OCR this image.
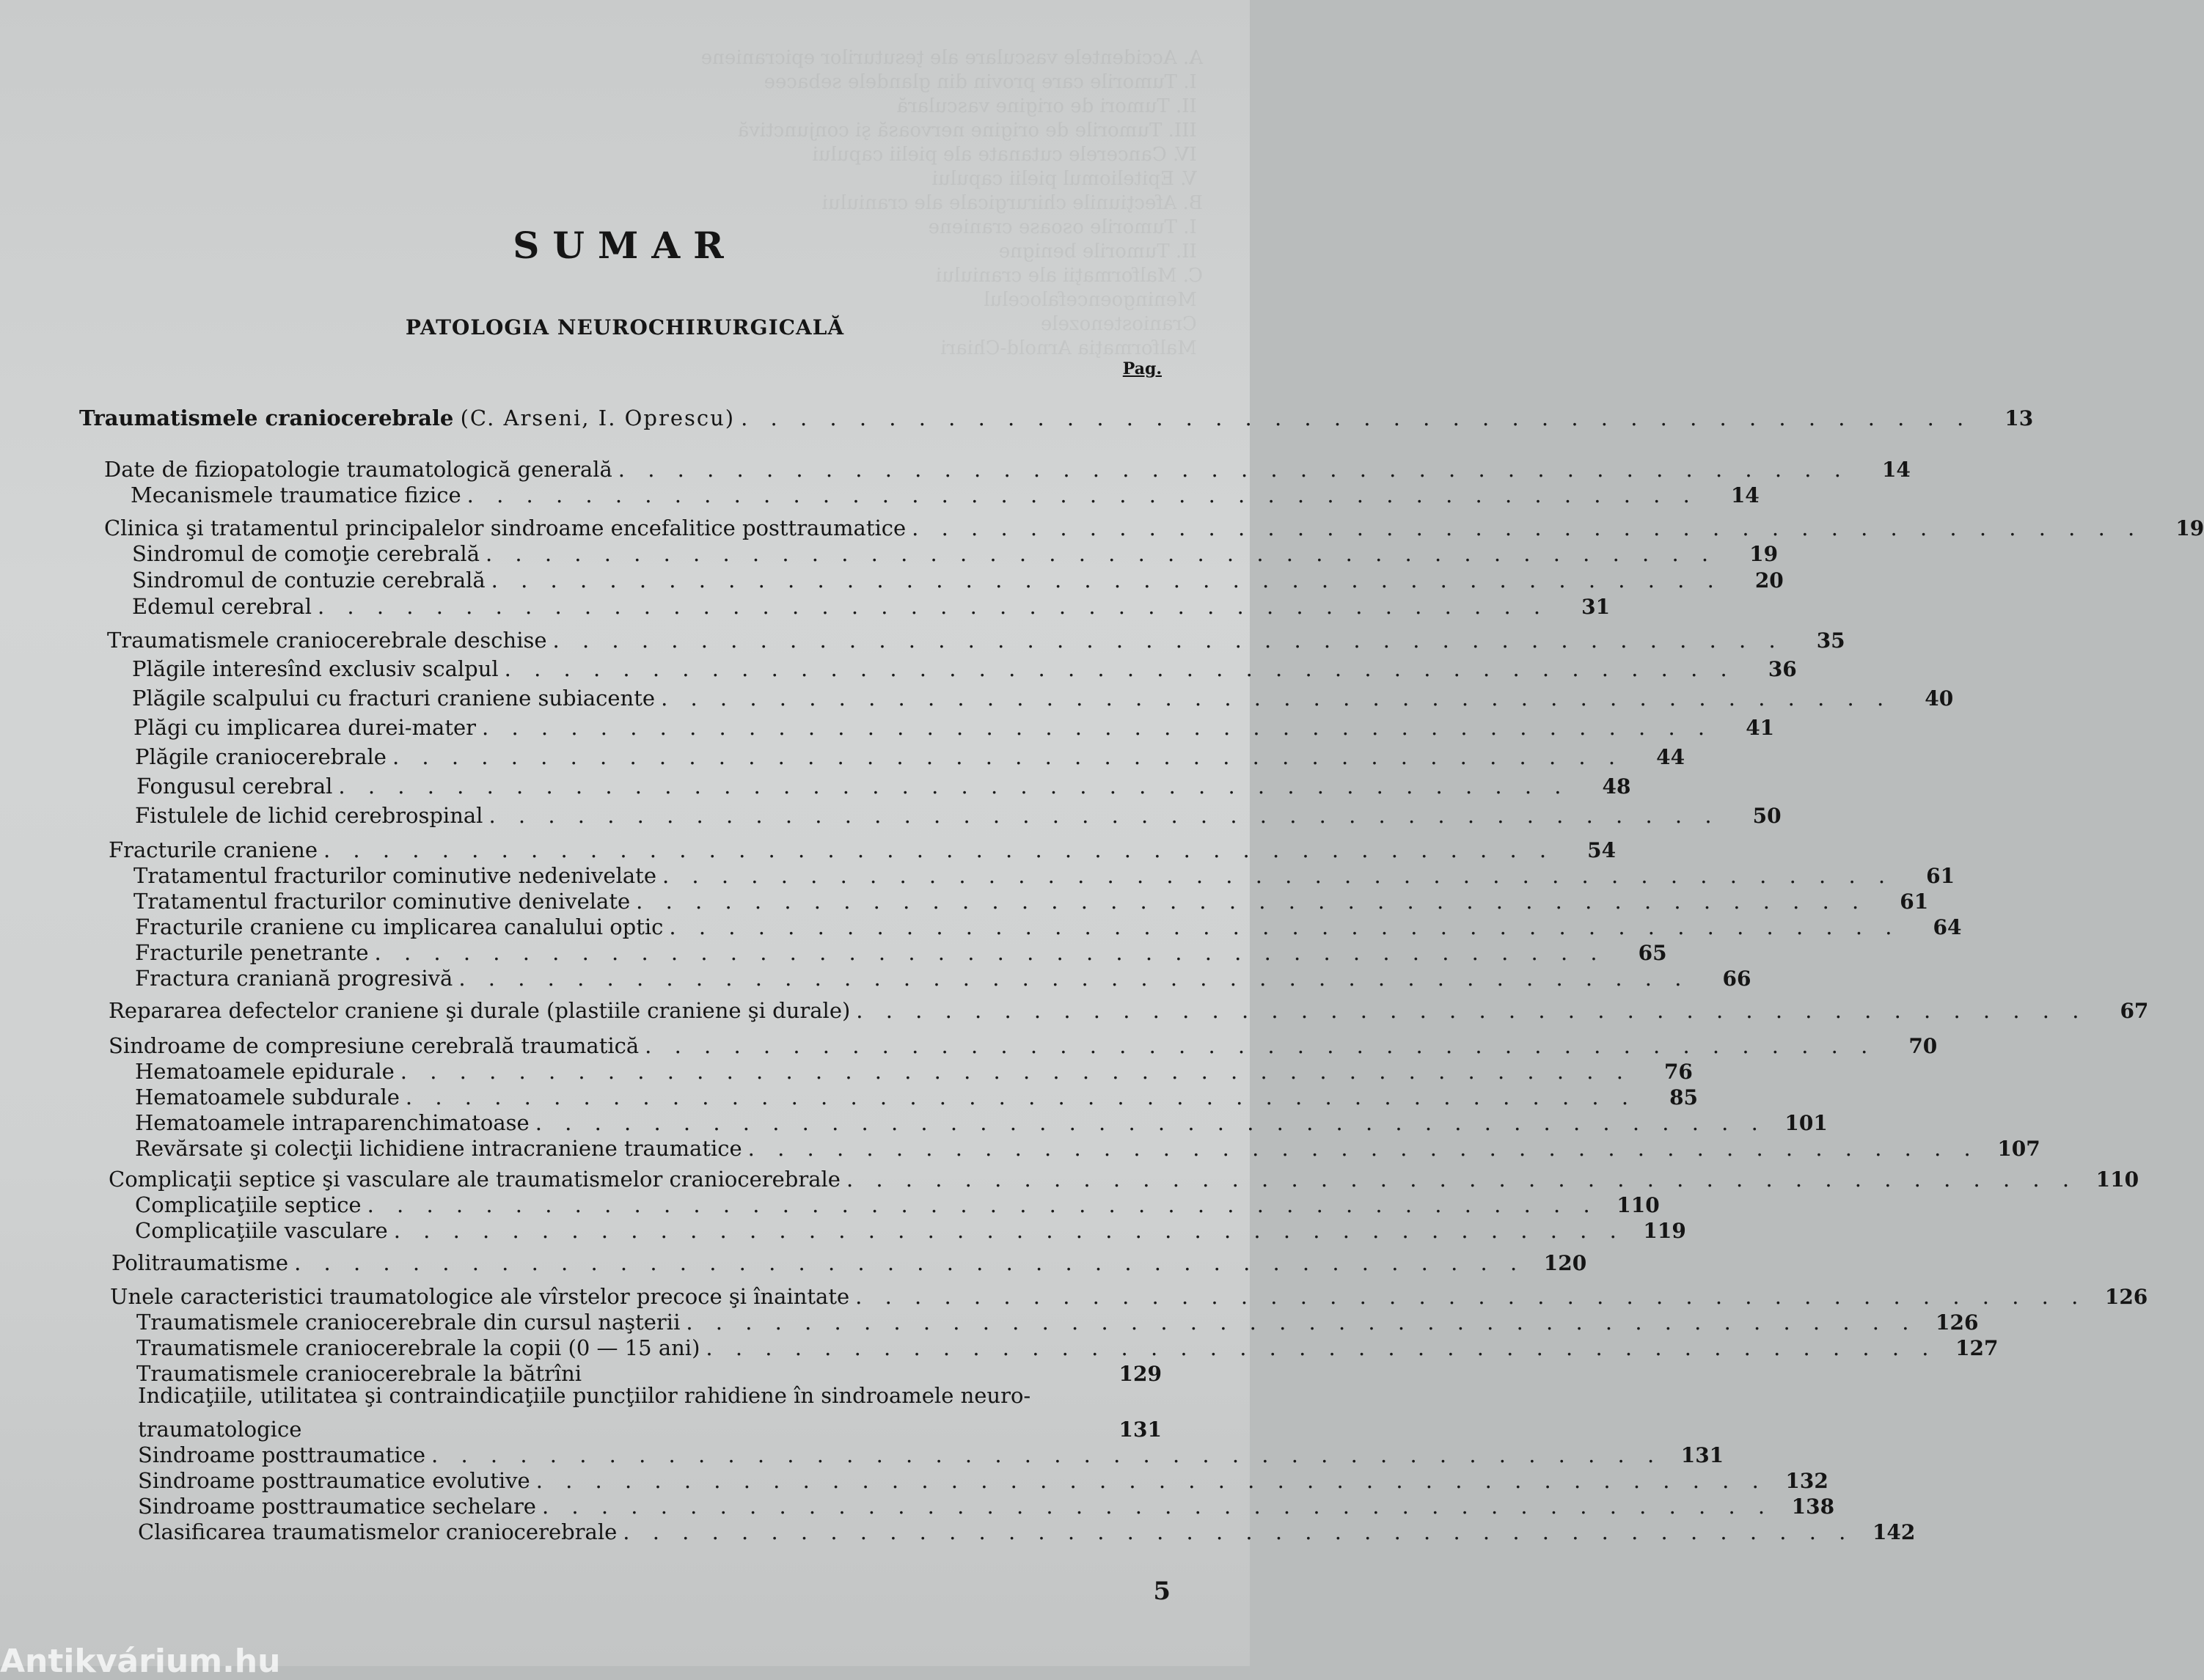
A. Accidentele vasculare ale ţesuturilor epicraniene
I. Tumorile care provin din glandele sebacee
II. Tumori de origine vasculară
III. Tumorile de origine nervoasă şi conjunctivă
IV. Cancerele cutanate ale pielii capului
V. Epiteliomul pielii capului
B. Afecţiunile chirurgicale ale craniului
I. Tumorile osoase craniene
II. Tumorile benigne
C. Malformaţii ale craniului
Meningoencefalocelul
Craniostenozele
Malformaţia Arnold-Chiari

SUMAR
PATOLOGIA NEUROCHIRURGICALĂ
Pag.
Traumatismele craniocerebrale (C. Arseni, I. Oprescu) . . . . . . . . . . . . . . . . . . . . . . . . . . . . . . . . . . . . . . . . . .	13
Date de fiziopatologie traumatologică generală . . . . . . . . . . . . . . . . . . . . . . . . . . . . . . . . . . . . . . . . . .	14
Mecanismele traumatice fizice . . . . . . . . . . . . . . . . . . . . . . . . . . . . . . . . . . . . . . . . . .	14
Clinica şi tratamentul principalelor sindroame encefalitice posttraumatice . . . . . . . . . . . . . . . . . . . . . . . . . . . . . . . . . . . . . . . . . .	19
Sindromul de comoţie cerebrală . . . . . . . . . . . . . . . . . . . . . . . . . . . . . . . . . . . . . . . . . .	19
Sindromul de contuzie cerebrală . . . . . . . . . . . . . . . . . . . . . . . . . . . . . . . . . . . . . . . . . .	20
Edemul cerebral . . . . . . . . . . . . . . . . . . . . . . . . . . . . . . . . . . . . . . . . . .	31
Traumatismele craniocerebrale deschise . . . . . . . . . . . . . . . . . . . . . . . . . . . . . . . . . . . . . . . . . .	35
Plăgile interesînd exclusiv scalpul . . . . . . . . . . . . . . . . . . . . . . . . . . . . . . . . . . . . . . . . . .	36
Plăgile scalpului cu fracturi craniene subiacente . . . . . . . . . . . . . . . . . . . . . . . . . . . . . . . . . . . . . . . . . .	40
Plăgi cu implicarea durei-mater . . . . . . . . . . . . . . . . . . . . . . . . . . . . . . . . . . . . . . . . . .	41
Plăgile craniocerebrale . . . . . . . . . . . . . . . . . . . . . . . . . . . . . . . . . . . . . . . . . .	44
Fongusul cerebral . . . . . . . . . . . . . . . . . . . . . . . . . . . . . . . . . . . . . . . . . .	48
Fistulele de lichid cerebrospinal . . . . . . . . . . . . . . . . . . . . . . . . . . . . . . . . . . . . . . . . . .	50
Fracturile craniene . . . . . . . . . . . . . . . . . . . . . . . . . . . . . . . . . . . . . . . . . .	54
Tratamentul fracturilor cominutive nedenivelate . . . . . . . . . . . . . . . . . . . . . . . . . . . . . . . . . . . . . . . . . .	61
Tratamentul fracturilor cominutive denivelate . . . . . . . . . . . . . . . . . . . . . . . . . . . . . . . . . . . . . . . . . .	61
Fracturile craniene cu implicarea canalului optic . . . . . . . . . . . . . . . . . . . . . . . . . . . . . . . . . . . . . . . . . .	64
Fracturile penetrante . . . . . . . . . . . . . . . . . . . . . . . . . . . . . . . . . . . . . . . . . .	65
Fractura craniană progresivă . . . . . . . . . . . . . . . . . . . . . . . . . . . . . . . . . . . . . . . . . .	66
Repararea defectelor craniene şi durale (plastiile craniene şi durale) . . . . . . . . . . . . . . . . . . . . . . . . . . . . . . . . . . . . . . . . . .	67
Sindroame de compresiune cerebrală traumatică . . . . . . . . . . . . . . . . . . . . . . . . . . . . . . . . . . . . . . . . . .	70
Hematoamele epidurale . . . . . . . . . . . . . . . . . . . . . . . . . . . . . . . . . . . . . . . . . .	76
Hematoamele subdurale . . . . . . . . . . . . . . . . . . . . . . . . . . . . . . . . . . . . . . . . . .	85
Hematoamele intraparenchimatoase . . . . . . . . . . . . . . . . . . . . . . . . . . . . . . . . . . . . . . . . . . 101
Revărsate şi colecţii lichidiene intracraniene traumatice . . . . . . . . . . . . . . . . . . . . . . . . . . . . . . . . . . . . . . . . . . 107
Complicaţii septice şi vasculare ale traumatismelor craniocerebrale . . . . . . . . . . . . . . . . . . . . . . . . . . . . . . . . . . . . . . . . . . 110
Complicaţiile septice . . . . . . . . . . . . . . . . . . . . . . . . . . . . . . . . . . . . . . . . . . 110
Complicaţiile vasculare . . . . . . . . . . . . . . . . . . . . . . . . . . . . . . . . . . . . . . . . . . 119
Politraumatisme . . . . . . . . . . . . . . . . . . . . . . . . . . . . . . . . . . . . . . . . . . 120
Unele caracteristici traumatologice ale vîrstelor precoce şi înaintate . . . . . . . . . . . . . . . . . . . . . . . . . . . . . . . . . . . . . . . . . . 126
Traumatismele craniocerebrale din cursul naşterii . . . . . . . . . . . . . . . . . . . . . . . . . . . . . . . . . . . . . . . . . . 126
Traumatismele craniocerebrale la copii (0 — 15 ani) . . . . . . . . . . . . . . . . . . . . . . . . . . . . . . . . . . . . . . . . . . 127
Traumatismele craniocerebrale la bătrîni	129
Indicaţiile, utilitatea şi contraindicaţiile puncţiilor rahidiene în sindroamele neuro-
traumatologice	131
Sindroame posttraumatice . . . . . . . . . . . . . . . . . . . . . . . . . . . . . . . . . . . . . . . . . . 131
Sindroame posttraumatice evolutive . . . . . . . . . . . . . . . . . . . . . . . . . . . . . . . . . . . . . . . . . . 132
Sindroame posttraumatice sechelare . . . . . . . . . . . . . . . . . . . . . . . . . . . . . . . . . . . . . . . . . . 138
Clasificarea traumatismelor craniocerebrale . . . . . . . . . . . . . . . . . . . . . . . . . . . . . . . . . . . . . . . . . . 142
5
Antikvárium.hu
